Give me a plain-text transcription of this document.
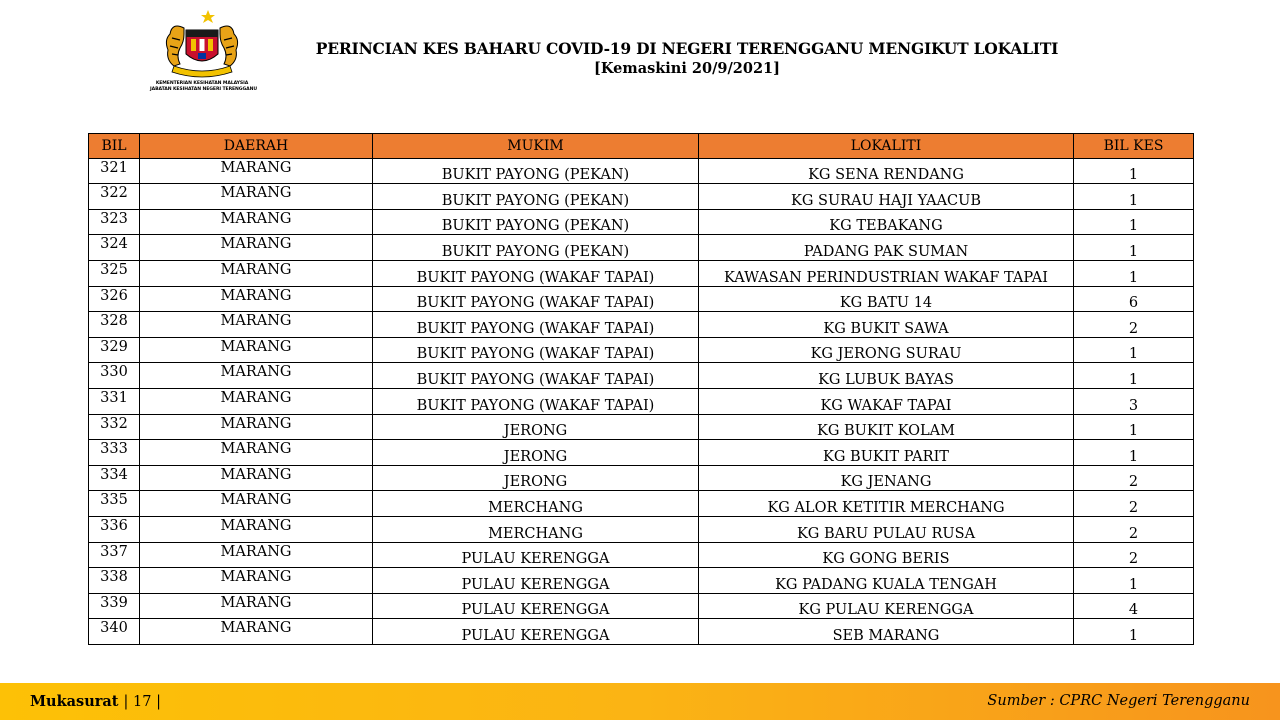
KEMENTERIAN KESIHATAN MALAYSIA
JABATAN KESIHATAN NEGERI TERENGGANU
PERINCIAN KES BAHARU COVID-19 DI NEGERI TERENGGANU MENGIKUT LOKALITI
[Kemaskini 20/9/2021]
BIL	DAERAH	MUKIM	LOKALITI	BIL KES
321	MARANG	BUKIT PAYONG (PEKAN)	KG SENA RENDANG	1
322	MARANG	BUKIT PAYONG (PEKAN)	KG SURAU HAJI YAACUB	1
323	MARANG	BUKIT PAYONG (PEKAN)	KG TEBAKANG	1
324	MARANG	BUKIT PAYONG (PEKAN)	PADANG PAK SUMAN	1
325	MARANG	BUKIT PAYONG (WAKAF TAPAI)	KAWASAN PERINDUSTRIAN WAKAF TAPAI	1
326	MARANG	BUKIT PAYONG (WAKAF TAPAI)	KG BATU 14	6
328	MARANG	BUKIT PAYONG (WAKAF TAPAI)	KG BUKIT SAWA	2
329	MARANG	BUKIT PAYONG (WAKAF TAPAI)	KG JERONG SURAU	1
330	MARANG	BUKIT PAYONG (WAKAF TAPAI)	KG LUBUK BAYAS	1
331	MARANG	BUKIT PAYONG (WAKAF TAPAI)	KG WAKAF TAPAI	3
332	MARANG	JERONG	KG BUKIT KOLAM	1
333	MARANG	JERONG	KG BUKIT PARIT	1
334	MARANG	JERONG	KG JENANG	2
335	MARANG	MERCHANG	KG ALOR KETITIR MERCHANG	2
336	MARANG	MERCHANG	KG BARU PULAU RUSA	2
337	MARANG	PULAU KERENGGA	KG GONG BERIS	2
338	MARANG	PULAU KERENGGA	KG PADANG KUALA TENGAH	1
339	MARANG	PULAU KERENGGA	KG PULAU KERENGGA	4
340	MARANG	PULAU KERENGGA	SEB MARANG	1
Mukasurat | 17 |	Sumber : CPRC Negeri Terengganu
